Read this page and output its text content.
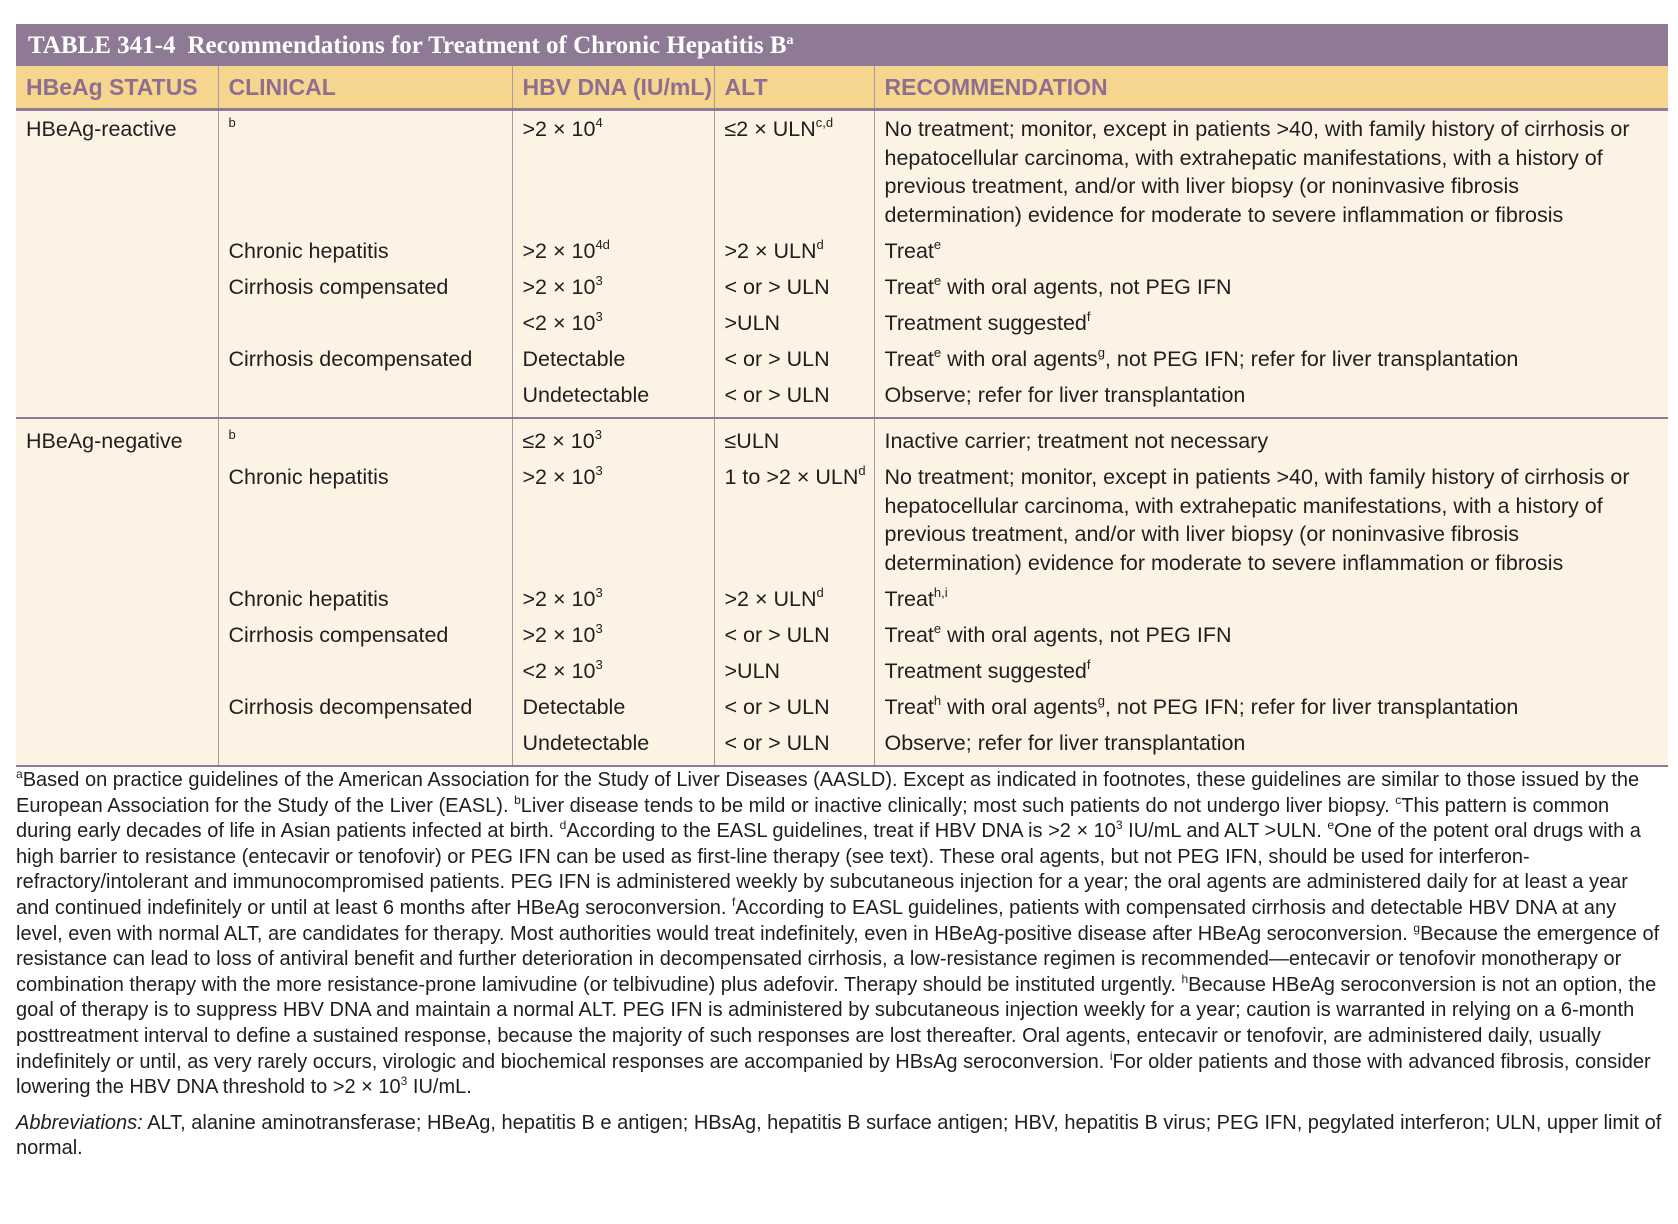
TABLE 341-4 Recommendations for Treatment of Chronic Hepatitis $B^a$
HBeAg STATUS	CLINICAL	HBV DNA (IU/mL)	ALT	RECOMMENDATION
HBeAg-reactive	$^b$	$>2 \times 10^4$	≤2 × ULN$^{c,d}$	No treatment; monitor, except in patients >40, with family history of cirrhosis or hepatocellular carcinoma, with extrahepatic manifestations, with a history of previous treatment, and/or with liver biopsy (or noninvasive fibrosis determination) evidence for moderate to severe inflammation or fibrosis
	Chronic hepatitis	$>2 \times 10^{4d}$	$>2 \times ULN^d$	Treat$^e$
	Cirrhosis compensated	$>2 \times 10^3$	< or > ULN	Treat$^e$ with oral agents, not PEG IFN
		$<2 \times 10^3$	>ULN	Treatment suggested$^f$
	Cirrhosis decompensated	Detectable	< or > ULN	Treat$^e$ with oral agents$^g$, not PEG IFN; refer for liver transplantation
		Undetectable	< or > ULN	Observe; refer for liver transplantation
HBeAg-negative	$^b$	$\le 2 \times 10^3$	≤ULN	Inactive carrier; treatment not necessary
	Chronic hepatitis	$>2 \times 10^3$	1 to $>2 \times ULN^d$	No treatment; monitor, except in patients >40, with family history of cirrhosis or hepatocellular carcinoma, with extrahepatic manifestations, with a history of previous treatment, and/or with liver biopsy (or noninvasive fibrosis determination) evidence for moderate to severe inflammation or fibrosis
	Chronic hepatitis	$>2 \times 10^3$	$>2 \times ULN^d$	Treat$^{h,i}$
	Cirrhosis compensated	$>2 \times 10^3$	< or > ULN	Treat$^e$ with oral agents, not PEG IFN
		$<2 \times 10^3$	>ULN	Treatment suggested$^f$
	Cirrhosis decompensated	Detectable	< or > ULN	Treat$^h$ with oral agents$^g$, not PEG IFN; refer for liver transplantation
		Undetectable	< or > ULN	Observe; refer for liver transplantation

$^a$Based on practice guidelines of the American Association for the Study of Liver Diseases (AASLD). Except as indicated in footnotes, these guidelines are similar to those issued by the European Association for the Study of the Liver (EASL). $^b$Liver disease tends to be mild or inactive clinically; most such patients do not undergo liver biopsy. $^c$This pattern is common during early decades of life in Asian patients infected at birth. $^d$According to the EASL guidelines, treat if HBV DNA is $>2 \times 10^3$ IU/mL and ALT >ULN. $^e$One of the potent oral drugs with a high barrier to resistance (entecavir or tenofovir) or PEG IFN can be used as first-line therapy (see text). These oral agents, but not PEG IFN, should be used for interferon-refractory/intolerant and immunocompromised patients. PEG IFN is administered weekly by subcutaneous injection for a year; the oral agents are administered daily for at least a year and continued indefinitely or until at least 6 months after HBeAg seroconversion. $^f$According to EASL guidelines, patients with compensated cirrhosis and detectable HBV DNA at any level, even with normal ALT, are candidates for therapy. Most authorities would treat indefinitely, even in HBeAg-positive disease after HBeAg seroconversion. $^g$Because the emergence of resistance can lead to loss of antiviral benefit and further deterioration in decompensated cirrhosis, a low-resistance regimen is recommended—entecavir or tenofovir monotherapy or combination therapy with the more resistance-prone lamivudine (or telbivudine) plus adefovir. Therapy should be instituted urgently. $^h$Because HBeAg seroconversion is not an option, the goal of therapy is to suppress HBV DNA and maintain a normal ALT. PEG IFN is administered by subcutaneous injection weekly for a year; caution is warranted in relying on a 6-month posttreatment interval to define a sustained response, because the majority of such responses are lost thereafter. Oral agents, entecavir or tenofovir, are administered daily, usually indefinitely or until, as very rarely occurs, virologic and biochemical responses are accompanied by HBsAg seroconversion. $^i$For older patients and those with advanced fibrosis, consider lowering the HBV DNA threshold to $>2 \times 10^3$ IU/mL.

Abbreviations: ALT, alanine aminotransferase; HBeAg, hepatitis B e antigen; HBsAg, hepatitis B surface antigen; HBV, hepatitis B virus; PEG IFN, pegylated interferon; ULN, upper limit of normal.
